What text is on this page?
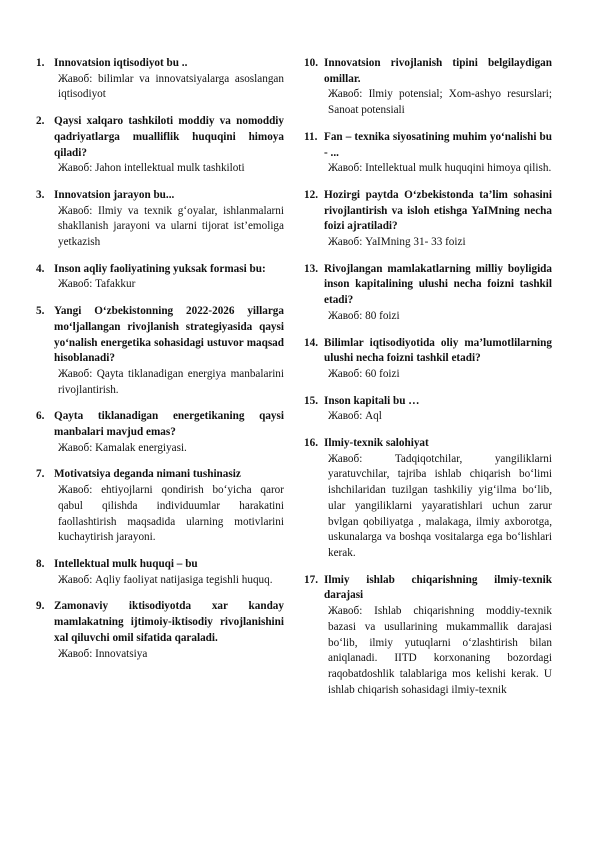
1. Innovatsion iqtisodiyot bu ..
Жавоб: bilimlar va innovatsiyalarga asoslangan iqtisodiyot
2. Qaysi xalqaro tashkiloti moddiy va nomoddiy qadriyatlarga mualliflik huquqini himoya qiladi?
Жавоб: Jahon intellektual mulk tashkiloti
3. Innovatsion jarayon bu...
Жавоб: Ilmiy va texnik g‘oyalar, ishlanmalarni shakllanish jarayoni va ularni tijorat ist’emoliga yetkazish
4. Inson aqliy faoliyatining yuksak formasi bu:
Жавоб: Tafakkur
5. Yangi O‘zbekistonning 2022-2026 yillarga mo‘ljallangan rivojlanish strategiyasida qaysi yo‘nalish energetika sohasidagi ustuvor maqsad hisoblanadi?
Жавоб: Qayta tiklanadigan energiya manbalarini rivojlantirish.
6. Qayta tiklanadigan energetikaning qaysi manbalari mavjud emas?
Жавоб: Kamalak energiyasi.
7. Motivatsiya deganda nimani tushinasiz
Жавоб: ehtiyojlarni qondirish bo‘yicha qaror qabul qilishda individuumlar harakatini faollashtirish maqsadida ularning motivlarini kuchaytirish jarayoni.
8. Intellektual mulk huquqi – bu
Жавоб: Aqliy faoliyat natijasiga tegishli huquq.
9. Zamonaviy iktisodiyotda xar kanday mamlakatning ijtimoiy-iktisodiy rivojlanishini xal qiluvchi omil sifatida qaraladi.
Жавоб: Innovatsiya
10. Innovatsion rivojlanish tipini belgilaydigan omillar.
Жавоб: Ilmiy potensial; Xom-ashyo resurslari; Sanoat potensiali
11. Fan – texnika siyosatining muhim yo‘nalishi bu - ...
Жавоб: Intellektual mulk huquqini himoya qilish.
12. Hozirgi paytda O‘zbekistonda ta’lim sohasini rivojlantirish va isloh etishga YaIMning necha foizi ajratiladi?
Жавоб: YaIMning 31- 33 foizi
13. Rivojlangan mamlakatlarning milliy boyligida inson kapitalining ulushi necha foizni tashkil etadi?
Жавоб: 80 foizi
14. Bilimlar iqtisodiyotida oliy ma’lumotlilarning ulushi necha foizni tashkil etadi?
Жавоб: 60 foizi
15. Inson kapitali bu …
Жавоб: Aql
16. Ilmiy-texnik salohiyat
Жавоб: Tadqiqotchilar, yangiliklarni yaratuvchilar, tajriba ishlab chiqarish bo‘limi ishchilaridan tuzilgan tashkiliy yig‘ilma bo‘lib, ular yangiliklarni yayaratishlari uchun zarur bvlgan qobiliyatga , malakaga, ilmiy axborotga, uskunalarga va boshqa vositalarga ega bo‘lishlari kerak.
17. Ilmiy ishlab chiqarishning ilmiy-texnik darajasi
Жавоб: Ishlab chiqarishning moddiy-texnik bazasi va usullarining mukammallik darajasi bo‘lib, ilmiy yutuqlarni o‘zlashtirish bilan aniqlanadi. IITD korxonaning bozordagi raqobatdoshlik talablariga mos kelishi kerak. U ishlab chiqarish sohasidagi ilmiy-texnik
